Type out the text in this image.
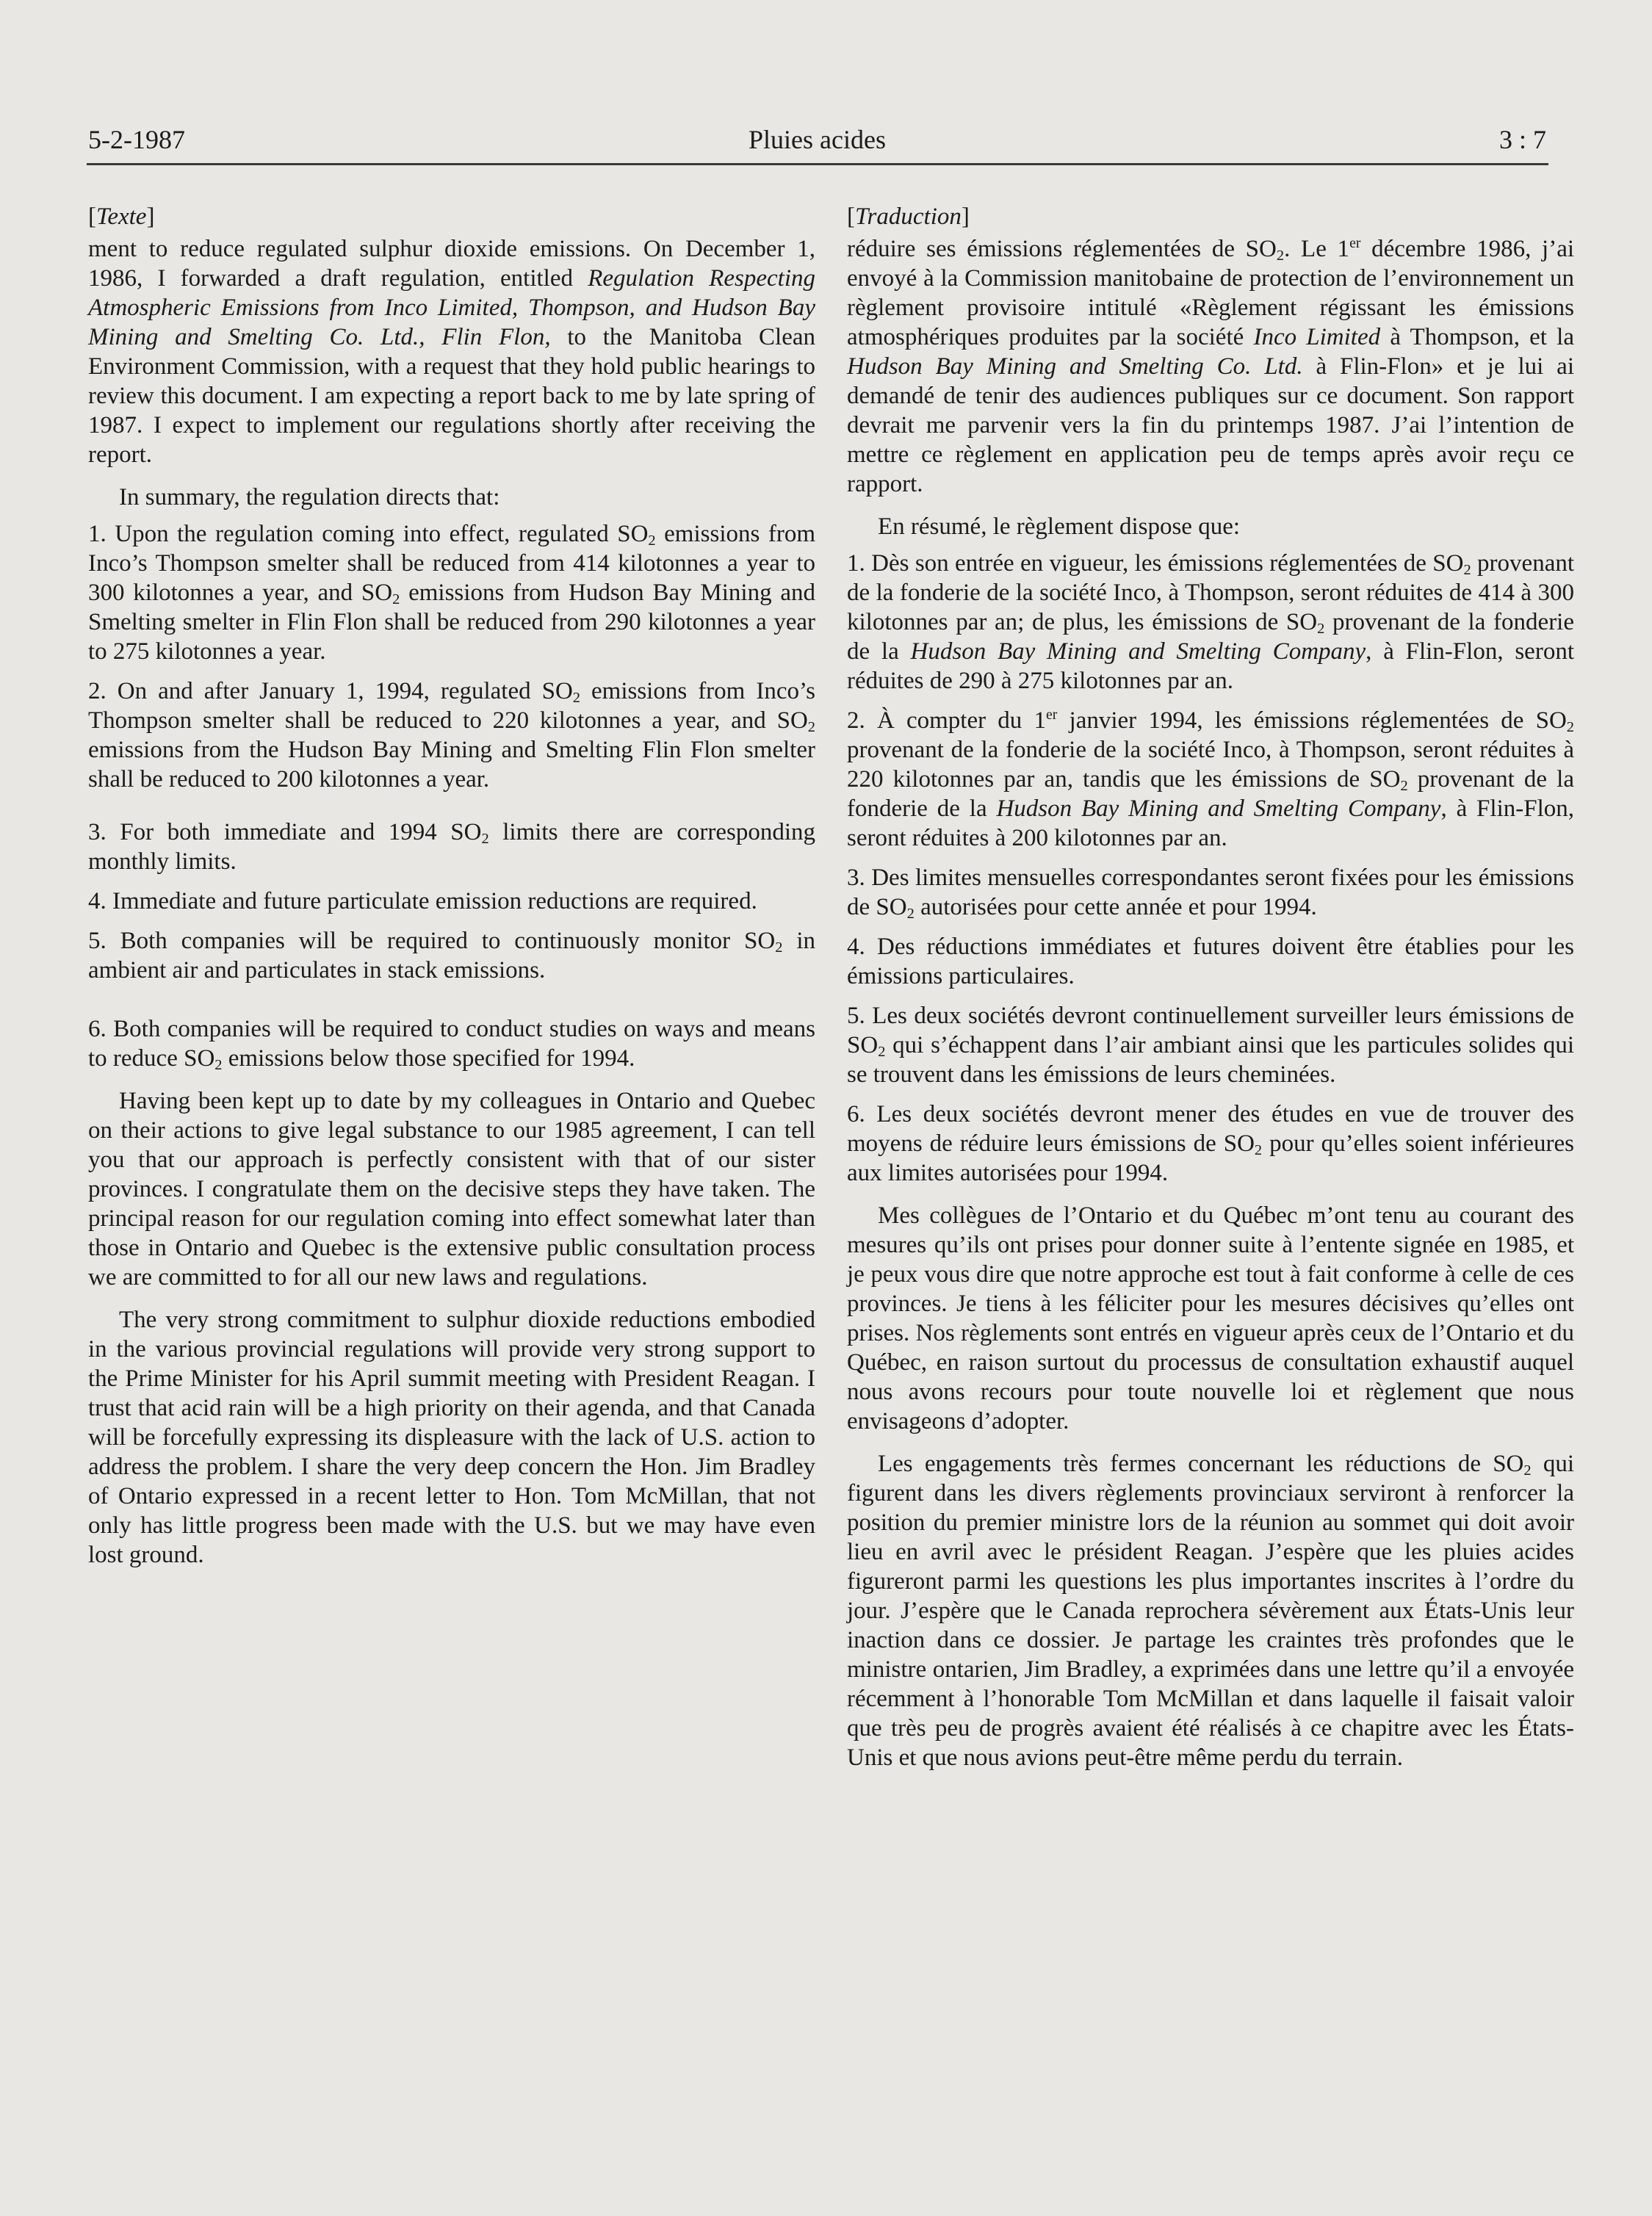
5-2-1987	Pluies acides	3 : 7
[Texte]

ment to reduce regulated sulphur dioxide emissions. On December 1, 1986, I forwarded a draft regulation, entitled Regulation Respecting Atmospheric Emissions from Inco Limited, Thompson, and Hudson Bay Mining and Smelting Co. Ltd., Flin Flon, to the Manitoba Clean Environment Commission, with a request that they hold public hearings to review this document. I am expecting a report back to me by late spring of 1987. I expect to implement our regulations shortly after receiving the report.

In summary, the regulation directs that:

1. Upon the regulation coming into effect, regulated $SO_2$ emissions from Inco’s Thompson smelter shall be reduced from 414 kilotonnes a year to 300 kilotonnes a year, and $SO_2$ emissions from Hudson Bay Mining and Smelting smelter in Flin Flon shall be reduced from 290 kilotonnes a year to 275 kilotonnes a year.

2. On and after January 1, 1994, regulated $SO_2$ emissions from Inco’s Thompson smelter shall be reduced to 220 kilotonnes a year, and $SO_2$ emissions from the Hudson Bay Mining and Smelting Flin Flon smelter shall be reduced to 200 kilotonnes a year.

3. For both immediate and 1994 $SO_2$ limits there are corresponding monthly limits.

4. Immediate and future particulate emission reductions are required.

5. Both companies will be required to continuously monitor $SO_2$ in ambient air and particulates in stack emissions.

6. Both companies will be required to conduct studies on ways and means to reduce $SO_2$ emissions below those specified for 1994.

Having been kept up to date by my colleagues in Ontario and Quebec on their actions to give legal substance to our 1985 agreement, I can tell you that our approach is perfectly consistent with that of our sister provinces. I congratulate them on the decisive steps they have taken. The principal reason for our regulation coming into effect somewhat later than those in Ontario and Quebec is the extensive public consultation process we are committed to for all our new laws and regulations.

The very strong commitment to sulphur dioxide reductions embodied in the various provincial regulations will provide very strong support to the Prime Minister for his April summit meeting with President Reagan. I trust that acid rain will be a high priority on their agenda, and that Canada will be forcefully expressing its displeasure with the lack of U.S. action to address the problem. I share the very deep concern the Hon. Jim Bradley of Ontario expressed in a recent letter to Hon. Tom McMillan, that not only has little progress been made with the U.S. but we may have even lost ground.

[Traduction]

réduire ses émissions réglementées de $SO_2$. Le 1er décembre 1986, j’ai envoyé à la Commission manitobaine de protection de l’environnement un règlement provisoire intitulé «Règlement régissant les émissions atmosphériques produites par la société Inco Limited à Thompson, et la Hudson Bay Mining and Smelting Co. Ltd. à Flin-Flon» et je lui ai demandé de tenir des audiences publiques sur ce document. Son rapport devrait me parvenir vers la fin du printemps 1987. J’ai l’intention de mettre ce règlement en application peu de temps après avoir reçu ce rapport.

En résumé, le règlement dispose que:

1. Dès son entrée en vigueur, les émissions réglementées de $SO_2$ provenant de la fonderie de la société Inco, à Thompson, seront réduites de 414 à 300 kilotonnes par an; de plus, les émissions de $SO_2$ provenant de la fonderie de la Hudson Bay Mining and Smelting Company, à Flin-Flon, seront réduites de 290 à 275 kilotonnes par an.

2. À compter du 1er janvier 1994, les émissions réglementées de $SO_2$ provenant de la fonderie de la société Inco, à Thompson, seront réduites à 220 kilotonnes par an, tandis que les émissions de $SO_2$ provenant de la fonderie de la Hudson Bay Mining and Smelting Company, à Flin-Flon, seront réduites à 200 kilotonnes par an.

3. Des limites mensuelles correspondantes seront fixées pour les émissions de $SO_2$ autorisées pour cette année et pour 1994.

4. Des réductions immédiates et futures doivent être établies pour les émissions particulaires.

5. Les deux sociétés devront continuellement surveiller leurs émissions de $SO_2$ qui s’échappent dans l’air ambiant ainsi que les particules solides qui se trouvent dans les émissions de leurs cheminées.

6. Les deux sociétés devront mener des études en vue de trouver des moyens de réduire leurs émissions de $SO_2$ pour qu’elles soient inférieures aux limites autorisées pour 1994.

Mes collègues de l’Ontario et du Québec m’ont tenu au courant des mesures qu’ils ont prises pour donner suite à l’entente signée en 1985, et je peux vous dire que notre approche est tout à fait conforme à celle de ces provinces. Je tiens à les féliciter pour les mesures décisives qu’elles ont prises. Nos règlements sont entrés en vigueur après ceux de l’Ontario et du Québec, en raison surtout du processus de consultation exhaustif auquel nous avons recours pour toute nouvelle loi et règlement que nous envisageons d’adopter.

Les engagements très fermes concernant les réductions de $SO_2$ qui figurent dans les divers règlements provinciaux serviront à renforcer la position du premier ministre lors de la réunion au sommet qui doit avoir lieu en avril avec le président Reagan. J’espère que les pluies acides figureront parmi les questions les plus importantes inscrites à l’ordre du jour. J’espère que le Canada reprochera sévèrement aux États-Unis leur inaction dans ce dossier. Je partage les craintes très profondes que le ministre ontarien, Jim Bradley, a exprimées dans une lettre qu’il a envoyée récemment à l’honorable Tom McMillan et dans laquelle il faisait valoir que très peu de progrès avaient été réalisés à ce chapitre avec les États-Unis et que nous avions peut-être même perdu du terrain.
